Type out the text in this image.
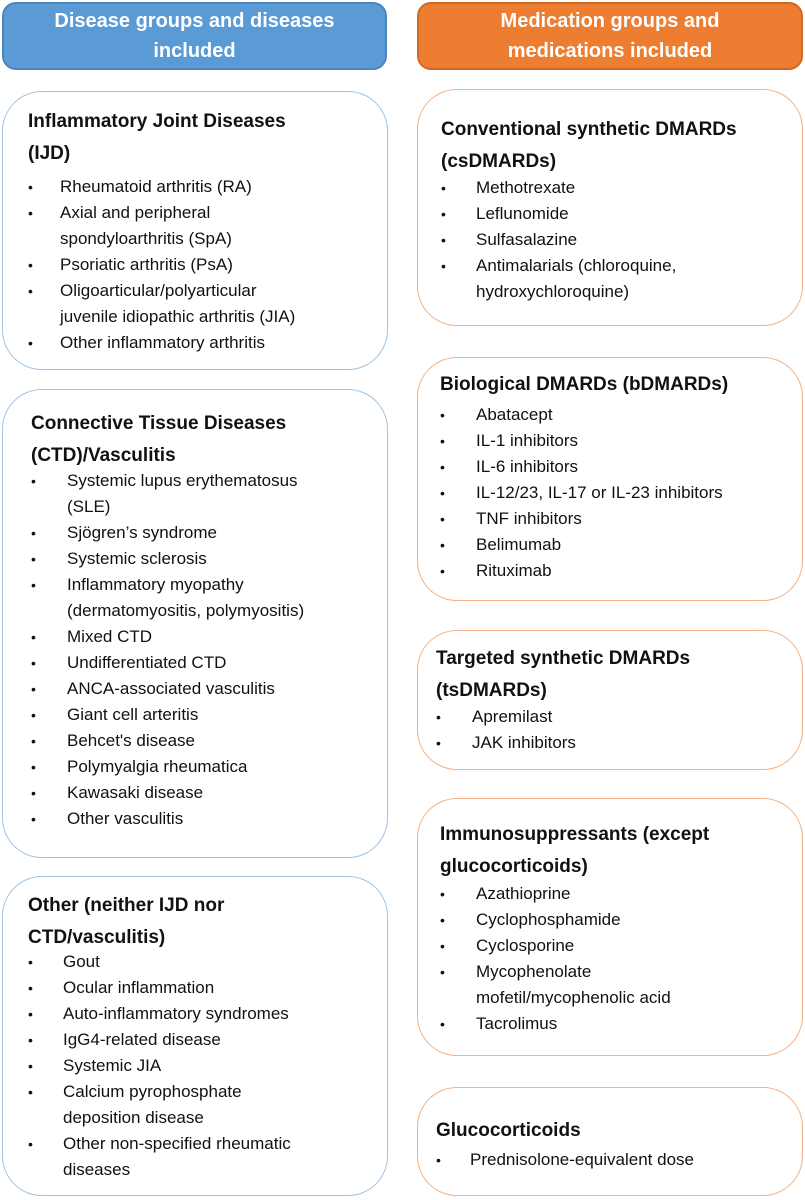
Disease groups and diseases
included
Medication groups and
medications included
Inflammatory Joint Diseases
(IJD)
• Rheumatoid arthritis (RA)
• Axial and peripheral
spondyloarthritis (SpA)
• Psoriatic arthritis (PsA)
• Oligoarticular/polyarticular
juvenile idiopathic arthritis (JIA)
• Other inflammatory arthritis
Connective Tissue Diseases
(CTD)/Vasculitis
• Systemic lupus erythematosus
(SLE)
• Sjögren’s syndrome
• Systemic sclerosis
• Inflammatory myopathy
(dermatomyositis, polymyositis)
• Mixed CTD
• Undifferentiated CTD
• ANCA-associated vasculitis
• Giant cell arteritis
• Behcet's disease
• Polymyalgia rheumatica
• Kawasaki disease
• Other vasculitis
Other (neither IJD nor
CTD/vasculitis)
• Gout
• Ocular inflammation
• Auto-inflammatory syndromes
• IgG4-related disease
• Systemic JIA
• Calcium pyrophosphate
deposition disease
• Other non-specified rheumatic
diseases
Conventional synthetic DMARDs
(csDMARDs)
• Methotrexate
• Leflunomide
• Sulfasalazine
• Antimalarials (chloroquine,
hydroxychloroquine)
Biological DMARDs (bDMARDs)
• Abatacept
• IL-1 inhibitors
• IL-6 inhibitors
• IL-12/23, IL-17 or IL-23 inhibitors
• TNF inhibitors
• Belimumab
• Rituximab
Targeted synthetic DMARDs
(tsDMARDs)
• Apremilast
• JAK inhibitors
Immunosuppressants (except
glucocorticoids)
• Azathioprine
• Cyclophosphamide
• Cyclosporine
• Mycophenolate
mofetil/mycophenolic acid
• Tacrolimus
Glucocorticoids
• Prednisolone-equivalent dose
